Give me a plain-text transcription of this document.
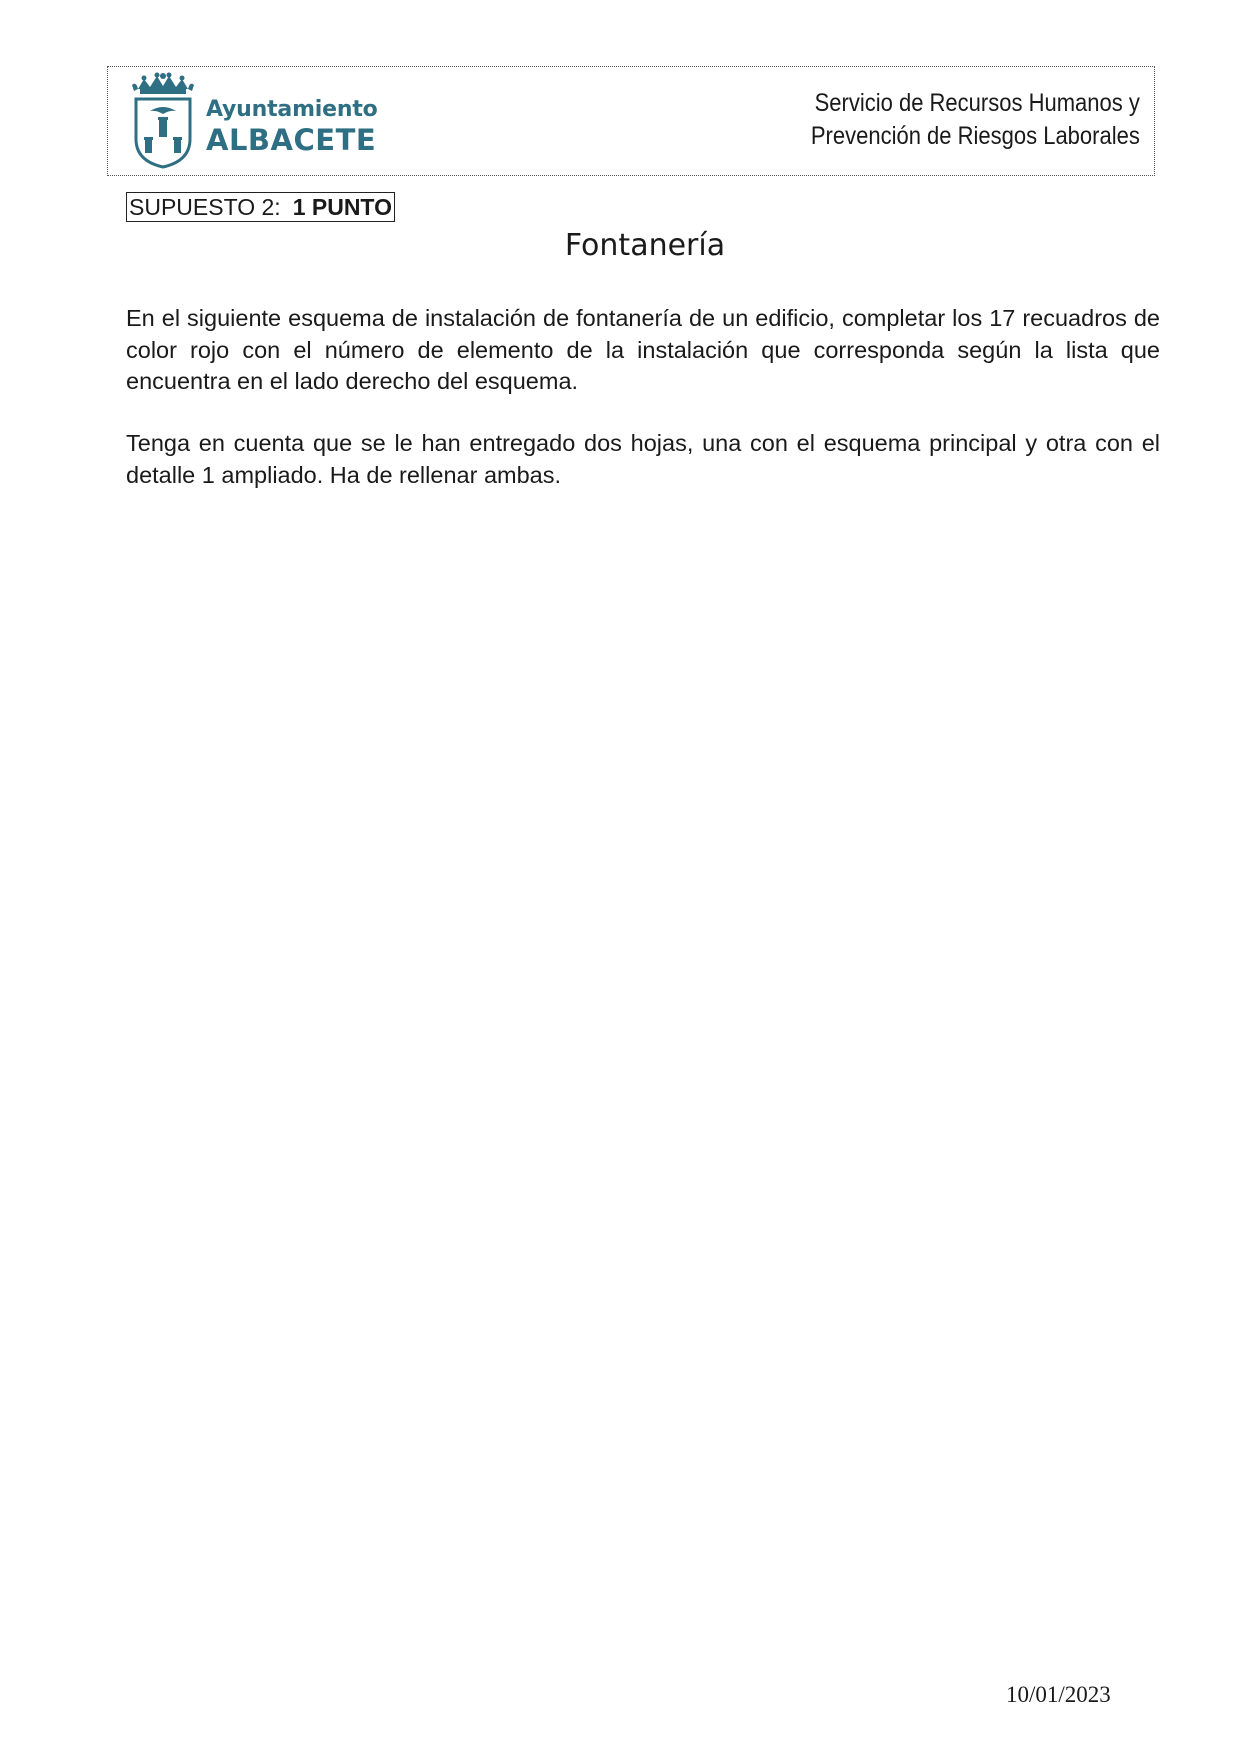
Ayuntamiento
ALBACETE
Servicio de Recursos Humanos y
Prevención de Riesgos Laborales
SUPUESTO 2: 1 PUNTO
Fontanería
En el siguiente esquema de instalación de fontanería de un edificio, completar los 17 recuadros de color rojo con el número de elemento de la instalación que corresponda según la lista que encuentra en el lado derecho del esquema.
Tenga en cuenta que se le han entregado dos hojas, una con el esquema principal y otra con el detalle 1 ampliado. Ha de rellenar ambas.
10/01/2023
